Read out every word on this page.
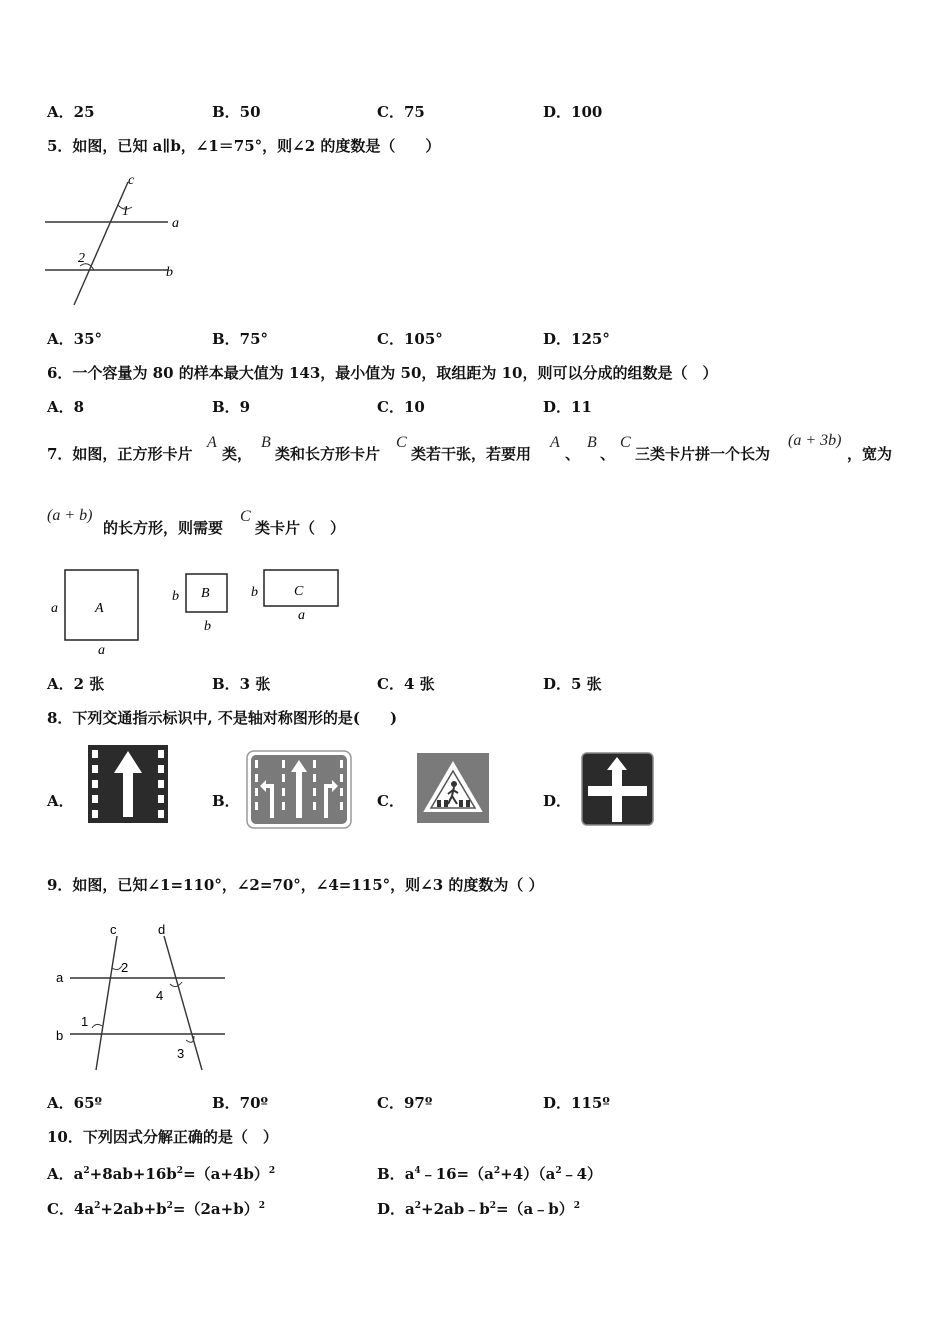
A．25	B．50	C．75	D．100
5．如图，已知 a∥b，∠1＝75°，则∠2 的度数是（　　）
c
1
a
2
b
A．35°	B．75°	C．105°	D．125°
6．一个容量为 80 的样本最大值为 143，最小值为 50，取组距为 10，则可以分成的组数是（　）
A．8	B．9	C．10	D．11
7．如图，正方形卡片
A
类，
B
类和长方形卡片
C
类若干张，若要用
A
、
B
、
C
三类卡片拼一个长为
(a + 3b)
，宽为
(a + b)
的长方形，则需要
C
类卡片（　）
a	A
a
b B
b
b	C
a
A．2 张	B．3 张	C．4 张	D．5 张
8．下列交通指示标识中, 不是轴对称图形的是(　　)
A．	B．	C．	D．
9．如图，已知∠1=110°，∠2=70°，∠4=115°，则∠3 的度数为（ ）
c	d
a
b
2
1
4
3
A．65º	B．70º	C．97º	D．115º
10．下列因式分解正确的是（　）
A．$a^2+8ab+16b^2=(a+4b)^2$	B．$a^4﹣16=(a^2+4)(a^2﹣4)$
C．$4a^2+2ab+b^2=(2a+b)^2$	D．$a^2+2ab﹣b^2=(a﹣b)^2$
